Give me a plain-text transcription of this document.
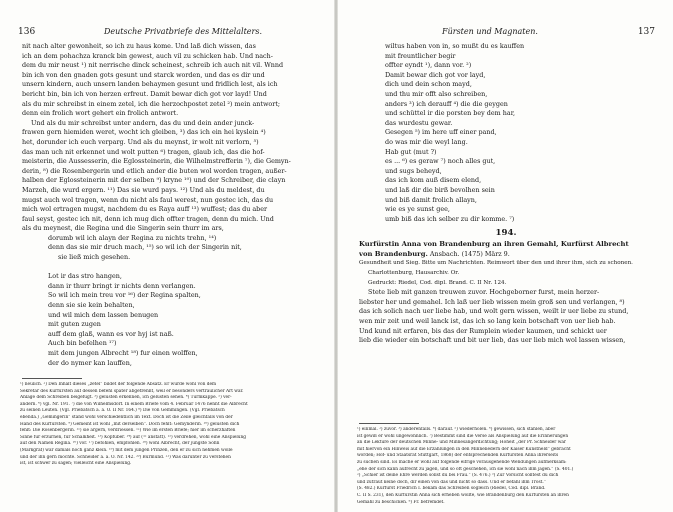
136	Deutsche Privatbriefe des Mittelalters.
nit nach alter gewonheit, so ich zu haus kome. Und laß dich wissen, das
ich an dem pohachza kranck bin gewest, auch vil zu schicken hab. Und nach-
dem du mir neust ¹) nit nerrische dinck scheinest, schreib ich auch nit vil. Wnnd
bin ich von den gnaden gots gesunt und starck worden, und das es dir und
unsern kindern, auch unsern landen behaymen gesunt und fridlich lest, als ich
bericht bin, bin ich von herzen erfreut. Damit bewar dich got vor layd! Und
als du mir schreibst in einem zetel, ich die herzochpostet zetel ²) mein antwort;
denn ein frolich wort gehert ein frolich antwort.
Und als du mir schreibst unter andern, das du und dein ander junck-
frawen gern hiemiden weret, wocht ich gleiben, ³) das ich ein hei kyslein ⁴)
het, dorunder ich euch verparg. Und als du meynst, ir wolt nit verlorn, ⁵)
das man uch nit erkennet und wolt putten ⁶) tragen, glaub ich, das die hof-
meisterin, die Aussesserin, die Eglossteinerin, die Wilhelmstrefferin ⁷), die Gemyn-
derin, ⁸) die Rosenbergerin und etlich ander die buten wol worden tragen, außer-
halben der Eglossteinerin mit der selben ⁹) kryne ¹⁰) und der Schreiber, die clayn
Marzeh, die wurd ergern. ¹¹) Das sie wurd pays. ¹²) Und als du meldest, du
mugst auch wol tragen, wenn du nicht als faul werest, nun gestec ich, das du
mich wol ertragen mugst, nachdem du es Raya auff ¹³) wuffest; das du aber
faul seyst, gestec ich nit, denn ich mug dich offter tragen, denn du mich. Und
als du meynest, die Regina und die Singerin sein thurr im ars,
dorumb wil ich alayn der Regina zu nichts trehn, ¹⁴)
denn das sie mir druch mach, ¹⁵) so wil ich der Singerin nit,
sie ließ mich gesehen.
Lot ir das stro hangen,
dann ir thurr bringt ir nichts denn verlangen.
So wil ich mein treu vor ¹⁶) der Regina spalten,
denn sie sie kein behalten,
und wil mich dem lassen benugen
mit guten zugen
auff dem glaß, wann es vor hyj ist naß.
Auch bin befelhen ¹⁷)
mit dem jungen Albrecht ¹⁸) fur einen wolffen,
der do nymer kan lauffen,
¹) neulich. ²) Den Inhalt dieses „zetel“ bildet der folgende Absatz. Er wurde wohl von dem
Sekretär des Kurfürsten auf dessen befehl später abgetrennt, weil er besonders vertraulicher Art war.
Anlage dem Schreiben beigefügt. ³) gelüsten erkennen, ich gelüsten sehen. ⁴) Turmkappe. ⁵) ver-
ändern. ⁶) vgl. Nr. 191. ⁷) die von Wilhelmsdorf. In einem Briefe vom 4. Februar 1476 nennt die Albrecht
zu seinen Leuten. (Vgl. Priebatsch a. a. O. II Nr. 164.) ⁸) Die von Gemmingen. (Vgl. Priebatsch
ebenda.) „Gemingerin“ stand wohl verschiedentlich im Text. Doch ist die Zeile gleichfalls von der
Hand des Kurfürsten. ⁹) Gemeint ist wohl „mit derselben“. Doch fehlt: Gemynderin. ¹⁰) gelüsten dich
fehlt: Die Rosenbergerin. ¹¹) sie ärgern, verdriessen. ¹²) Wie im ersten Briefe; hier im scherzhaften
Sinne für erzürnen, für Schalkheit. ¹³) Kopfüber. ¹⁴) auf (= anstatt). ¹⁵) verdrehen, wohl eine Anspielung
auf den Namen Regina. ¹⁶) vor. ¹⁷) befohlen, empfohlen. ¹⁸) wohl Albrecht, der jüngste Sohn
(Markgraf) war damals noch ganz klein. ¹⁹) mit dem jungen Prinzen, den er zu sich nehmen wolle
und der ihn gern mochte. Schneider a. a. O. Nr. 142. ²⁰) Burmund. ²¹) Was darunter zu verstehen
ist, ist schwer zu sagen; vielleicht eine Anspielung.
Fürsten und Magnaten.	137
wiltus haben von in, so mußt du es kauffen
mit freuntlicher begir
offter eyndt ¹), dann vor. ²)
Damit bewar dich got vor layd,
dich und dein schon mayd,
und thu mir offt also schreiben,
anders ³) ich derauff ⁴) die die geygen
und schüttel ir die porsten bey dem har,
das wurdestu gewar.
Gesegen ⁵) im here uff einer pand,
do was mir die weyl lang.
Hab gut (mut ?)
es ... ⁶) es geraw ⁷) noch alles gut,
und sugs beheyd,
das ich kom auß disem elend,
und laß dir die birß bevolhen sein
und biß damit frolich allayn,
wie es ye sunst gee,
umb biß das ich selber zu dir komme. ⁷)
194.
Kurfürstin Anna von Brandenburg an ihren Gemahl, Kurfürst Albrecht
von Brandenburg. Ansbach. (1475) März 9.
Gesundheit und Sieg. Bitte um Nachrichten. Reimwort über den und ihrer ihm, sich zu schonen.
Charlottenburg, Hausarchiv. Or.
Gedruckt: Riedel, Cod. dipl. Brand. C. II Nr. 124.
Stete lieb mit ganzen treuwen zuvor. Hochgeborner furst, mein herzer-
liebster her und gemahel. Ich laß uer lieb wissen mein groß sen und verlangen, ⁸)
das ich solich nach uer liebe hab, und wolt gern wissen, weilt ir uer liebe zu stund,
wen mir zeit und weil lanck ist, das ich so lang kein botschaft von uer lieb hab.
Und kund nit erfaren, bis das der Rumplein wieder kaumen, und schickt uer
lieb die wieder ein botschaft und bit uer lieb, das uer lieb mich wol lassen wissen,
¹) einmal. ²) zuvor. ³) anderenfalls. ⁴) darauf. ⁵) wiederholen. ⁶) gewissen, sich stählen, aber
ist gewiß er wohl ungewöhnlich. ⁷) Bestimmt sind die Verse als Anspielung auf die Erinnerungen
an die Lektüre der deutschen Minne- und Minnesängerdichtung; Hoheit „der Pr. Schneider war
mit hiervon ein Hinweis auf die Erzählungen in den Minneliedern der Kaiser Kunstheld“ gebracht
worden; Hof- und Staatsrat Stuttgart, 1868) der entsprechenden Kurfürsten Anna ihrerseits
zu suchen sind. Es mache er wohl auf folgende eifrige vorausgehende Wendungen aufmerksam:
„ehe der sich kann aufrecht zu jagen, und so oft geschehen, ich sie wohl nach ihm jagen.“ (S. 401.)
²) „Schier ist deine Ehre werden sollst du bei Frau.“ (S. 476.) ³) Zur Vorsicht solltest du dich
und zutraut keine doch, dir einen von das und nicht so dass. Und er befahl ihm Trost.“
(S. 482.) Kurfürst Friedrich I. bekam das Schreiben sogleich (Riedel, Cod. dipl. Brand.
C. II S. 231), den Kurfürstin Anna sich erheben wollte, wie Brandenburg den Kurfürsten an ihren
Gemahl zu beschicken. ⁸) Fr. befremdet.
